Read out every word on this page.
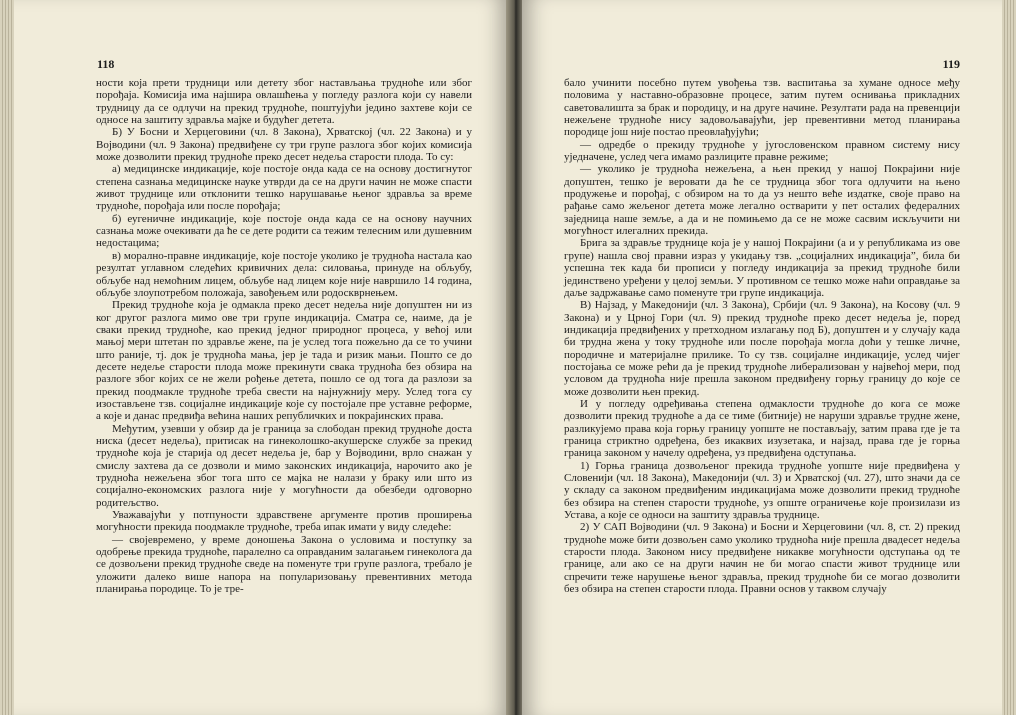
118

ности која прети трудници или детету због настављања трудноће или због порођаја. Комисија има најшира овлашћења у погледу разлога који су навели трудницу да се одлучи на прекид трудноће, поштујући једино захтеве који се односе на заштиту здравља мајке и будућег детета.

Б) У Босни и Херцеговини (чл. 8 Закона), Хрватској (чл. 22 Закона) и у Војводини (чл. 9 Закона) предвиђене су три групе разлога због којих комисија може дозволити прекид трудноће преко десет недеља старости плода. То су:

а) медицинске индикације, које постоје онда када се на основу достигнутог степена сазнања медицинске науке утврди да се на други начин не може спасти живот труднице или отклонити тешко нарушавање њеног здравља за време трудноће, порођаја или после порођаја;

б) еугеничне индикације, које постоје онда када се на основу научних сазнања може очекивати да ће се дете родити са тежим телесним или душевним недостацима;

в) морално-правне индикације, које постоје уколико је трудноћа настала као резултат углавном следећих кривичних дела: силовања, принуде на обљубу, обљубе над немоћним лицем, обљубе над лицем које није навршило 14 година, обљубе злоупотребом положаја, завођењем или родоскврнењем.

Прекид трудноће која је одмакла преко десет недеља није допуштен ни из ког другог разлога мимо ове три групе индикација. Сматра се, наиме, да је сваки прекид трудноће, као прекид једног природног процеса, у већој или мањој мери штетан по здравље жене, па је услед тога пожељно да се то учини што раније, тј. док је трудноћа мања, јер је тада и ризик мањи. Пошто се до десете недеље старости плода може прекинути свака трудноћа без обзира на разлоге због којих се не жели рођење детета, пошло се од тога да разлози за прекид поодмакле трудноће треба свести на најнужнију меру. Услед тога су изостављене тзв. социјалне индикације које су постојале пре уставне реформе, а које и данас предвиђа већина наших републичких и покрајинских права.

Међутим, узевши у обзир да је граница за слободан прекид трудноће доста ниска (десет недеља), притисак на гинеколошко-акушерске службе за прекид трудноће која је старија од десет недеља је, бар у Војводини, врло снажан у смислу захтева да се дозволи и мимо законских индикација, нарочито ако је трудноћа нежељена због тога што се мајка не налази у браку или што из социјално-економских разлога није у могућности да обезбеди одговорно родитељство.

Уважавајући у потпуности здравствене аргументе против проширења могућности прекида поодмакле трудноће, треба ипак имати у виду следеће:

— својевремено, у време доношења Закона о условима и поступку за одобрење прекида трудноће, паралелно са оправданим залагањем гинеколога да се дозвољени прекид трудноће сведе на поменуте три групе разлога, требало је уложити далеко више напора на популаризовању превентивних метода планирања породице. То је тре-

119

бало учинити посебно путем увођења тзв. васпитања за хумане односе међу половима у наставно-образовне процесе, затим путем оснивања прикладних саветовалишта за брак и породицу, и на друге начине. Резултати рада на превенцији нежељене трудноће нису задовољавајући, јер превентивни метод планирања породице још није постао преовлађујући;

— одредбе о прекиду трудноће у југословенском правном систему нису уједначене, услед чега имамо разлиците правне режиме;

— уколико је трудноћа нежељена, а њен прекид у нашој Покрајини није допуштен, тешко је веровати да ће се трудница због тога одлучити на њено продужење и порођај, с обзиром на то да уз нешто веће издатке, своје право на рађање само жељеног детета може легално остварити у пет осталих федералних заједница наше земље, а да и не помињемо да се не може сасвим искључити ни могућност илегалних прекида.

Брига за здравље труднице која је у нашој Покрајини (а и у републикама из ове групе) нашла свој правни израз у укидању тзв. „социјалних индикација”, била би успешна тек када би прописи у погледу индикација за прекид трудноће били јединствено уређени у целој земљи. У противном се тешко може наћи оправдање за даље задржавање само поменуте три групе индикација.

В) Најзад, у Македонији (чл. 3 Закона), Србији (чл. 9 Закона), на Косову (чл. 9 Закона) и у Црној Гори (чл. 9) прекид трудноће преко десет недеља је, поред индикација предвиђених у претходном излагању под Б), допуштен и у случају када би трудна жена у току трудноће или после порођаја могла доћи у тешке личне, породичне и материјалне прилике. То су тзв. социјалне индикације, услед чијег постојања се може рећи да је прекид трудноће либерализован у највећој мери, под условом да трудноћа није прешла законом предвиђену горњу границу до које се може дозволити њен прекид.

И у погледу одређивања степена одмаклости трудноће до кога се може дозволити прекид трудноће а да се тиме (битније) не наруши здравље трудне жене, разликујемо права која горњу границу уопште не постављају, затим права где је та граница стриктно одређена, без икаквих изузетака, и најзад, права где је горња граница законом у начелу одређена, уз предвиђена одступања.

1) Горња граница дозвољеног прекида трудноће уопште није предвиђена у Словенији (чл. 18 Закона), Македонији (чл. 3) и Хрватској (чл. 27), што значи да се у складу са законом предвиђеним индикацијама може дозволити прекид трудноће без обзира на степен старости трудноће, уз опште ограничење које произилази из Устава, а које се односи на заштиту здравља труднице.

2) У САП Војводини (чл. 9 Закона) и Босни и Херцеговини (чл. 8, ст. 2) прекид трудноће може бити дозвољен само уколико трудноћа није прешла двадесет недеља старости плода. Законом нису предвиђене никакве могућности одступања од те границе, али ако се на други начин не би могао спасти живот труднице или спречити теже нарушење њеног здравља, прекид трудноће би се могао дозволити без обзира на степен старости плода. Правни основ у таквом случају
